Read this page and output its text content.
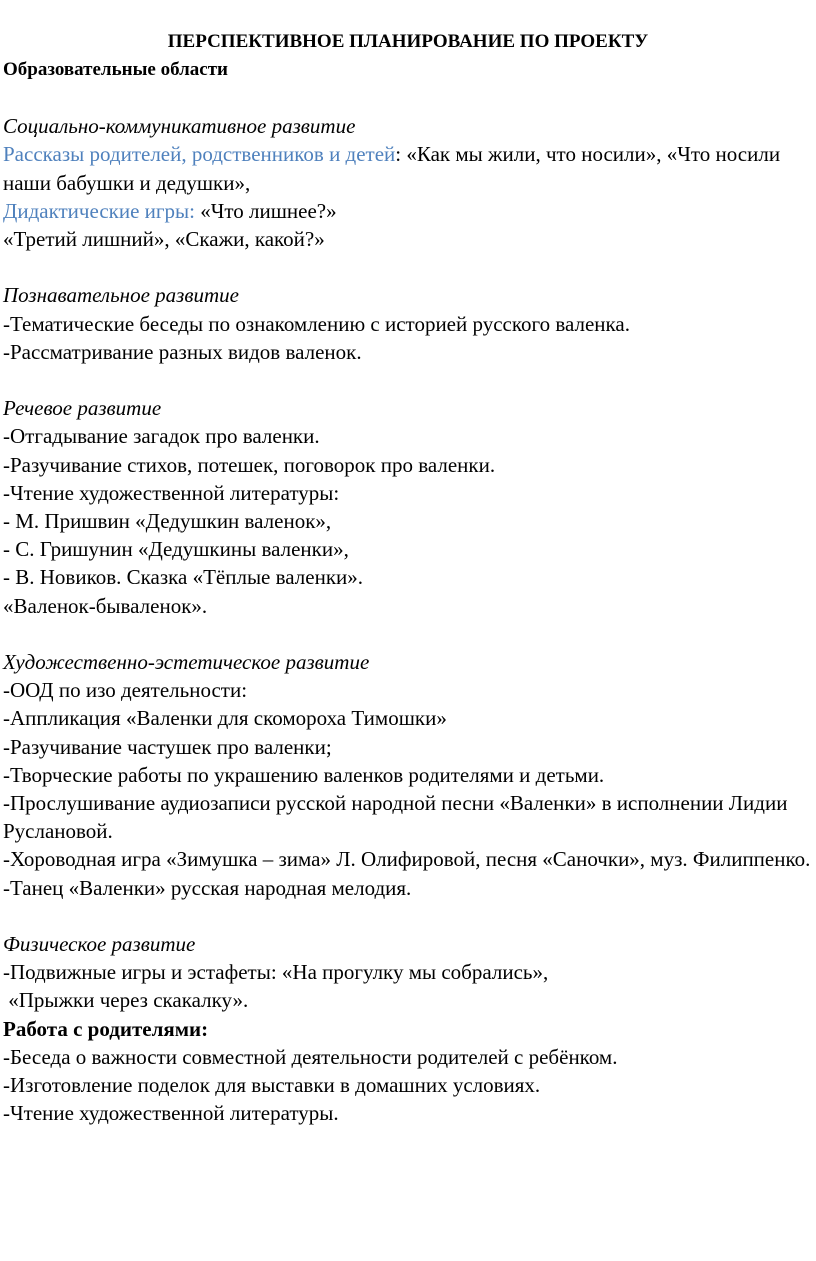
ПЕРСПЕКТИВНОЕ ПЛАНИРОВАНИЕ ПО ПРОЕКТУ

Образовательные области

Социально-коммуникативное развитие

Рассказы родителей, родственников и детей: «Как мы жили, что носили», «Что носили наши бабушки и дедушки»,

Дидактические игры: «Что лишнее?»

«Третий лишний», «Скажи, какой?»

Познавательное развитие

-Тематические беседы по ознакомлению с историей русского валенка.

-Рассматривание разных видов валенок.

Речевое развитие

-Отгадывание загадок про валенки.

-Разучивание стихов, потешек, поговорок про валенки.

-Чтение художественной литературы:

- М. Пришвин «Дедушкин валенок»,

- С. Гришунин «Дедушкины валенки»,

- В. Новиков. Сказка «Тёплые валенки».

«Валенок-бываленок».

Художественно-эстетическое развитие

-ООД по изо деятельности:

-Аппликация «Валенки для скомороха Тимошки»

-Разучивание частушек про валенки;

-Творческие работы по украшению валенков родителями и детьми.

-Прослушивание аудиозаписи русской народной песни «Валенки» в исполнении Лидии Руслановой.

-Хороводная игра «Зимушка – зима» Л. Олифировой, песня «Саночки», муз. Филиппенко.

-Танец «Валенки» русская народная мелодия.

Физическое развитие

-Подвижные игры и эстафеты: «На прогулку мы собрались»,

«Прыжки через скакалку».

Работа с родителями:

-Беседа о важности совместной деятельности родителей с ребёнком.

-Изготовление поделок для выставки в домашних условиях.

-Чтение художественной литературы.
